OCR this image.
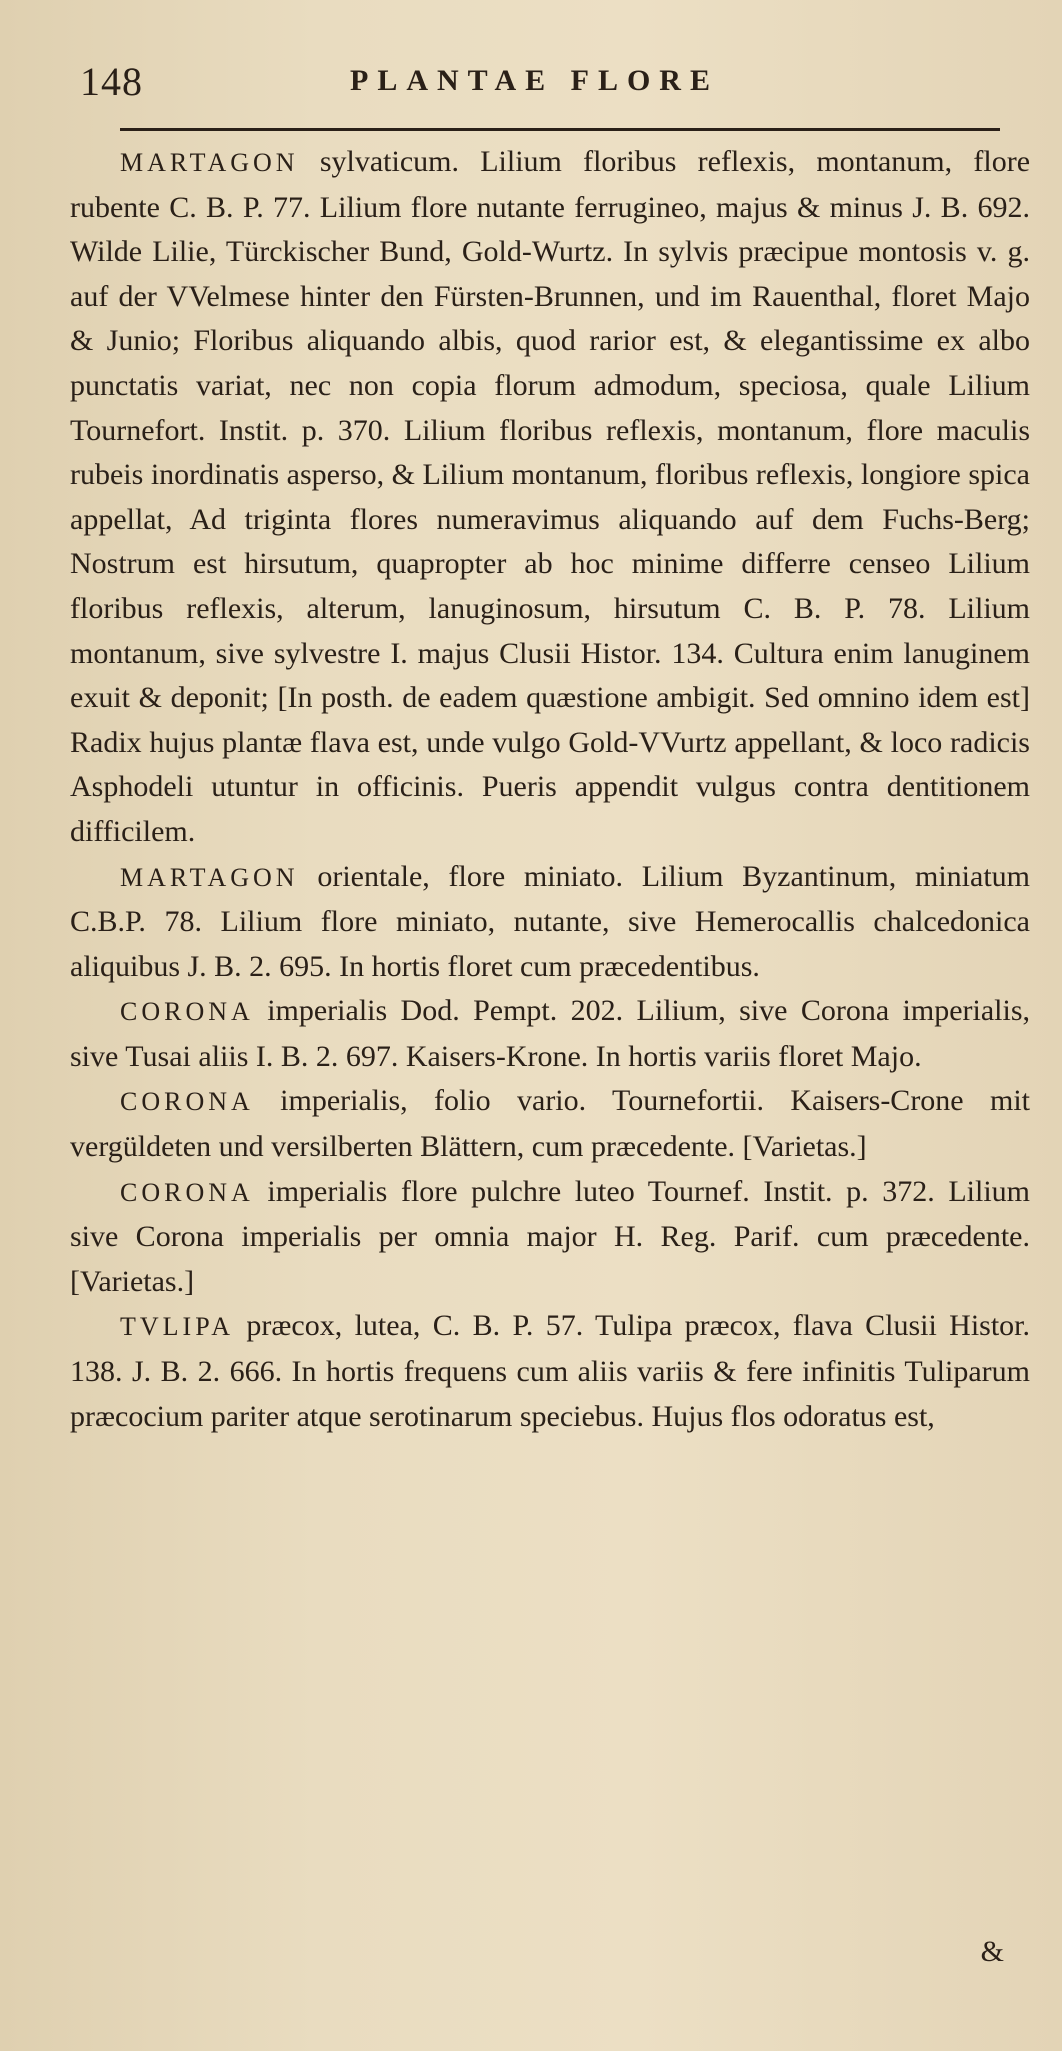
148	PLANTAE FLORE

MARTAGON sylvaticum. Lilium floribus reflexis, montanum, flore rubente C. B. P. 77. Lilium flore nutante ferrugineo, majus & minus J. B. 692. Wilde Lilie, Türckischer Bund, Gold-Wurtz. In sylvis præcipue montosis v. g. auf der VVelmese hinter den Fürsten-Brunnen, und im Rauenthal, floret Majo & Junio; Floribus aliquando albis, quod rarior est, & elegantissime ex albo punctatis variat, nec non copia florum admodum, speciosa, quale Lilium Tournefort. Instit. p. 370. Lilium floribus reflexis, montanum, flore maculis rubeis inordinatis asperso, & Lilium montanum, floribus reflexis, longiore spica appellat, Ad triginta flores numeravimus aliquando auf dem Fuchs-Berg; Nostrum est hirsutum, quapropter ab hoc minime differre censeo Lilium floribus reflexis, alterum, lanuginosum, hirsutum C. B. P. 78. Lilium montanum, sive sylvestre I. majus Clusii Histor. 134. Cultura enim lanuginem exuit & deponit; [In posth. de eadem quæstione ambigit. Sed omnino idem est] Radix hujus plantæ flava est, unde vulgo Gold-VVurtz appellant, & loco radicis Asphodeli utuntur in officinis. Pueris appendit vulgus contra dentitionem difficilem.

MARTAGON orientale, flore miniato. Lilium Byzantinum, miniatum C.B.P. 78. Lilium flore miniato, nutante, sive Hemerocallis chalcedonica aliquibus J. B. 2. 695. In hortis floret cum præcedentibus.

CORONA imperialis Dod. Pempt. 202. Lilium, sive Corona imperialis, sive Tusai aliis I. B. 2. 697. Kaisers-Krone. In hortis variis floret Majo.

CORONA imperialis, folio vario. Tournefortii. Kaisers-Crone mit vergüldeten und versilberten Blättern, cum præcedente. [Varietas.]

CORONA imperialis flore pulchre luteo Tournef. Instit. p. 372. Lilium sive Corona imperialis per omnia major H. Reg. Parif. cum præcedente. [Varietas.]

TVLIPA præcox, lutea, C. B. P. 57. Tulipa præcox, flava Clusii Histor. 138. J. B. 2. 666. In hortis frequens cum aliis variis & fere infinitis Tuliparum præcocium pariter atque serotinarum speciebus. Hujus flos odoratus est,

&
